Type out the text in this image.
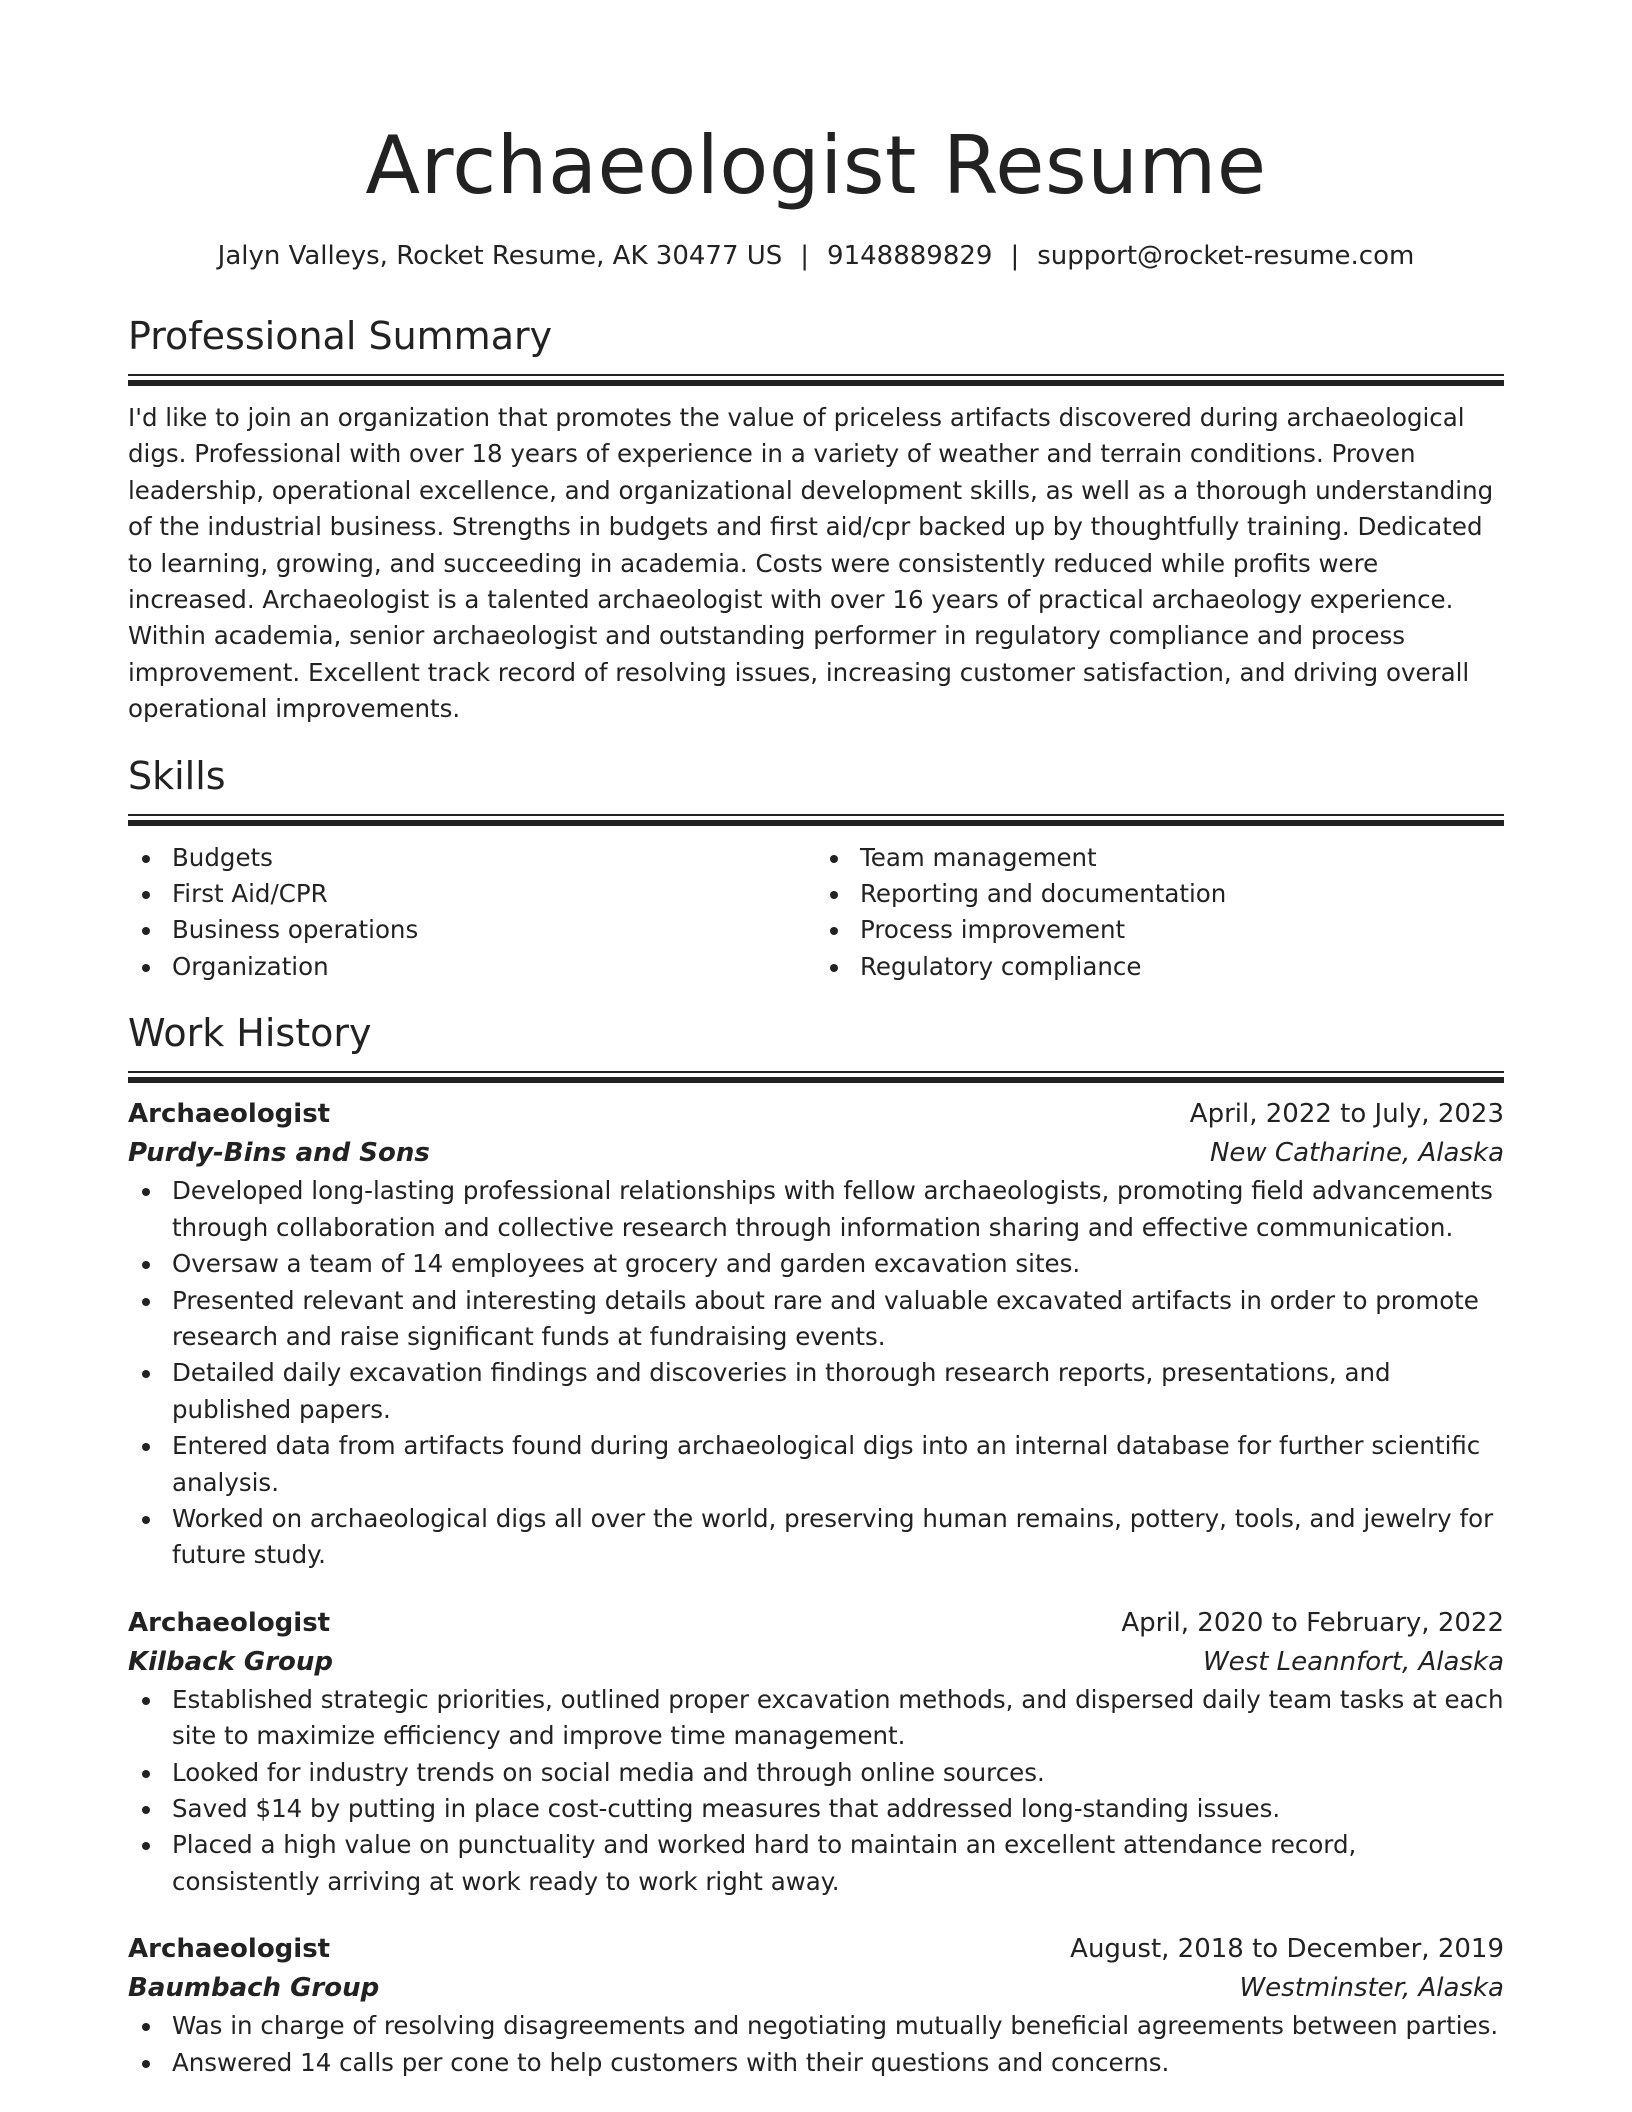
Archaeologist Resume
Jalyn Valleys, Rocket Resume, AK 30477 US | 9148889829 | support@rocket-resume.com
Professional Summary

I'd like to join an organization that promotes the value of priceless artifacts discovered during archaeological digs. Professional with over 18 years of experience in a variety of weather and terrain conditions. Proven leadership, operational excellence, and organizational development skills, as well as a thorough understanding of the industrial business. Strengths in budgets and first aid/cpr backed up by thoughtfully training. Dedicated to learning, growing, and succeeding in academia. Costs were consistently reduced while profits were increased. Archaeologist is a talented archaeologist with over 16 years of practical archaeology experience. Within academia, senior archaeologist and outstanding performer in regulatory compliance and process improvement. Excellent track record of resolving issues, increasing customer satisfaction, and driving overall operational improvements.

Skills
Budgets
First Aid/CPR
Business operations
Organization
Team management
Reporting and documentation
Process improvement
Regulatory compliance
Work History
Archaeologist	April, 2022 to July, 2023
Purdy-Bins and Sons	New Catharine, Alaska
Developed long-lasting professional relationships with fellow archaeologists, promoting field advancements through collaboration and collective research through information sharing and effective communication.
Oversaw a team of 14 employees at grocery and garden excavation sites.
Presented relevant and interesting details about rare and valuable excavated artifacts in order to promote research and raise significant funds at fundraising events.
Detailed daily excavation findings and discoveries in thorough research reports, presentations, and published papers.
Entered data from artifacts found during archaeological digs into an internal database for further scientific analysis.
Worked on archaeological digs all over the world, preserving human remains, pottery, tools, and jewelry for future study.
Archaeologist	April, 2020 to February, 2022
Kilback Group	West Leannfort, Alaska
Established strategic priorities, outlined proper excavation methods, and dispersed daily team tasks at each site to maximize efficiency and improve time management.
Looked for industry trends on social media and through online sources.
Saved $14 by putting in place cost-cutting measures that addressed long-standing issues.
Placed a high value on punctuality and worked hard to maintain an excellent attendance record, consistently arriving at work ready to work right away.
Archaeologist	August, 2018 to December, 2019
Baumbach Group	Westminster, Alaska
Was in charge of resolving disagreements and negotiating mutually beneficial agreements between parties.
Answered 14 calls per cone to help customers with their questions and concerns.
